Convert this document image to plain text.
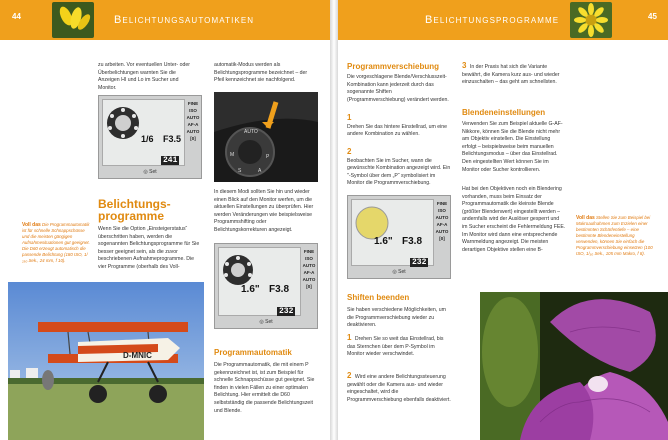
44	Belichtungsautomatiken	Belichtungsprogramme	45
zu arbeiten. Vor eventuellen Unter- oder Überbelichtungen warnten Sie die Anzeigen HI und Lo im Sucher und Monitor.
1/6 F3.5
241
FINE
ISO
AUTO
AF-A
AUTO
[0]
◎ Set
Belichtungs-programme
Wenn Sie die Option „Einsteigerstatus“ überschritten haben, werden die sogenannten Belichtungsprogramme für Sie besser geeignet sein, als die zuvor beschriebenen Aufnahmeprogramme. Die vier Programme (oberhalb des Voll-
Voll das Die Programmautomatik ist für schnelle Schnappschüsse und die meisten gängigen Aufnahmesituationen gut geeignet. Die D60 erzeugt automatisch die passende Belichtung (180 ISO, 1/₂₅₀ Sek., 24 mm, f 10).
D-MNIC
automatik-Modus werden als Belichtungsprogramme bezeichnet – der Pfeil kennzeichnet sie nachfolgend.
AUTO
M	P
S	A
In diesem Modi sollten Sie hin und wieder einen Blick auf den Monitor werfen, um die aktuellen Einstellungen zu überprüfen. Hier werden Veränderungen wie beispielsweise Programmshifting oder Belichtungskorrekturen angezeigt.
1.6" F3.8
232
FINE
ISO
AUTO
AF-A
AUTO
[0]
◎ Set
Programmautomatik
Die Programmautomatik, die mit einem P gekennzeichnet ist, ist zum Beispiel für schnelle Schnappschüsse gut geeignet. Sie finden in vielen Fällen zu einer optimalen Belichtung. Hier ermittelt die D60 selbstständig die passende Belichtungszeit und Blende.
Programmverschiebung
Die vorgeschlagene Blende/Verschlusszeit-Kombination kann jederzeit durch das sogenannte Shiften (Programmverschiebung) verändert werden.
1
Drehen Sie das hintere Einstellrad, um eine andere Kombination zu wählen.
2
Beobachten Sie im Sucher, wann die gewünschte Kombination angezeigt wird. Ein "-Symbol über dem „P“ symbolisiert im Monitor die Programmverschiebung.
1.6" F3.8
232
FINE
ISO
AUTO
AF-A
AUTO
[0]
◎ Set
Shiften beenden
Sie haben verschiedene Möglichkeiten, um die Programmverschiebung wieder zu deaktivieren.
1 Drehen Sie so weit das Einstellrad, bis das Sternchen über dem P-Symbol im Monitor wieder verschwindet.
2 Wird eine andere Belichtungssteuerung gewählt oder die Kamera aus- und wieder eingeschaltet, wird die Programmverschiebung ebenfalls deaktiviert.
3 In der Praxis hat sich die Variante bewährt, die Kamera kurz aus- und wieder einzuschalten – das geht am schnellsten.
Blendeneinstellungen
Verwenden Sie zum Beispiel aktuelle G-AF-Nikkore, können Sie die Blende nicht mehr am Objektiv einstellen. Die Einstellung erfolgt – beispielsweise beim manuellen Belichtungsmodus – über das Einstellrad. Den eingestellten Wert können Sie im Monitor oder Sucher kontrollieren.
Hat bei den Objektiven noch ein Blendering vorhanden, muss beim Einsatz der Programmautomatik die kleinste Blende (größter Blendenwert) eingestellt werden – andernfalls wird der Auslöser gesperrt und im Sucher erscheint die Fehlermeldung FEE. Im Monitor wird dann eine entsprechende Warnmeldung angezeigt. Die meisten derartigen Objektive stellen eine B-
Voll das Stellen Sie zum Beispiel bei Makroaufnahmen zum Erzielen einer bestimmten Schärfentiefe – eine bestimmte Blendeneinstellung verwenden, können Sie einfach die Programmverschiebung einsetzen (100 ISO, 1/₃₀ Sek., 105 mm Makro, f 8).
